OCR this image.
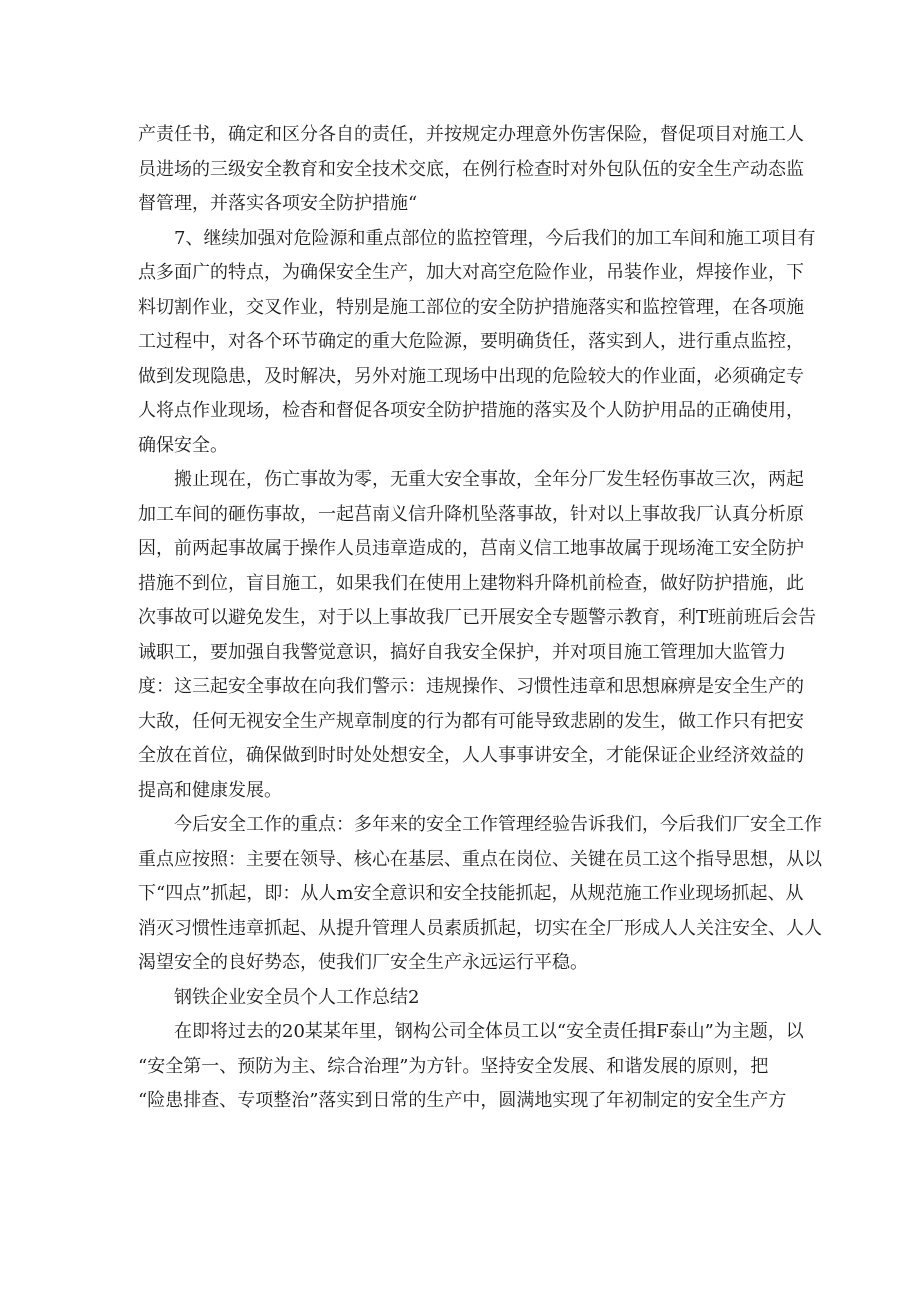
产责任书，确定和区分各自的责任，并按规定办理意外伤害保险，督促项目对施工人
员进场的三级安全教育和安全技术交底，在例行检查时对外包队伍的安全生产动态监
督管理，并落实各项安全防护措施“
7、继续加强对危险源和重点部位的监控管理，今后我们的加工车间和施工项目有
点多面广的特点，为确保安全生产，加大对高空危险作业，吊装作业，焊接作业，下
料切割作业，交叉作业，特别是施工部位的安全防护措施落实和监控管理，在各项施
工过程中，对各个环节确定的重大危险源，要明确货任，落实到人，进行重点监控，
做到发现隐患，及时解决，另外对施工现场中出现的危险较大的作业面，必须确定专
人将点作业现场，检杳和督促各项安全防护措施的落实及个人防护用品的正确使用，
确保安全。
搬止现在，伤亡事故为零，无重大安全事故，全年分厂发生轻伤事故三次，两起
加工车间的砸伤事故，一起莒南义信升降机坠落事故，针对以上事故我厂认真分析原
因，前两起事故属于操作人员违章造成的，莒南义信工地事故属于现场淹工安全防护
措施不到位，盲目施工，如果我们在使用上建物料升降机前检查，做好防护措施，此
次事故可以避免发生，对于以上事故我厂已开展安全专题警示教育，利T班前班后会告
诫职工，要加强自我警觉意识，搞好自我安全保护，并对项目施工管理加大监管力
度：这三起安全事故在向我们警示：违规操作、习惯性违章和思想麻痹是安全生产的
大敌，任何无视安全生产规章制度的行为都有可能导致悲剧的发生，做工作只有把安
全放在首位，确保做到时时处处想安全，人人事事讲安全，才能保证企业经济效益的
提高和健康发展。
今后安全工作的重点：多年来的安全工作管理经验告诉我们，今后我们厂安全工作
重点应按照：主要在领导、核心在基层、重点在岗位、关键在员工这个指导思想，从以
下“四点”抓起，即：从人m安全意识和安全技能抓起，从规范施工作业现场抓起、从
消灭习惯性违章抓起、从提升管理人员素质抓起，切实在全厂形成人人关注安全、人人
渴望安全的良好势态，使我们厂安全生产永远运行平稳。
钢铁企业安全员个人工作总结2
在即将过去的20某某年里，钢构公司全体员工以“安全责任揖F泰山”为主题，以
“安全第一、预防为主、综合治理”为方针。坚持安全发展、和谐发展的原则，把
“险患排查、专项整治”落实到日常的生产中，圆满地实现了年初制定的安全生产方
